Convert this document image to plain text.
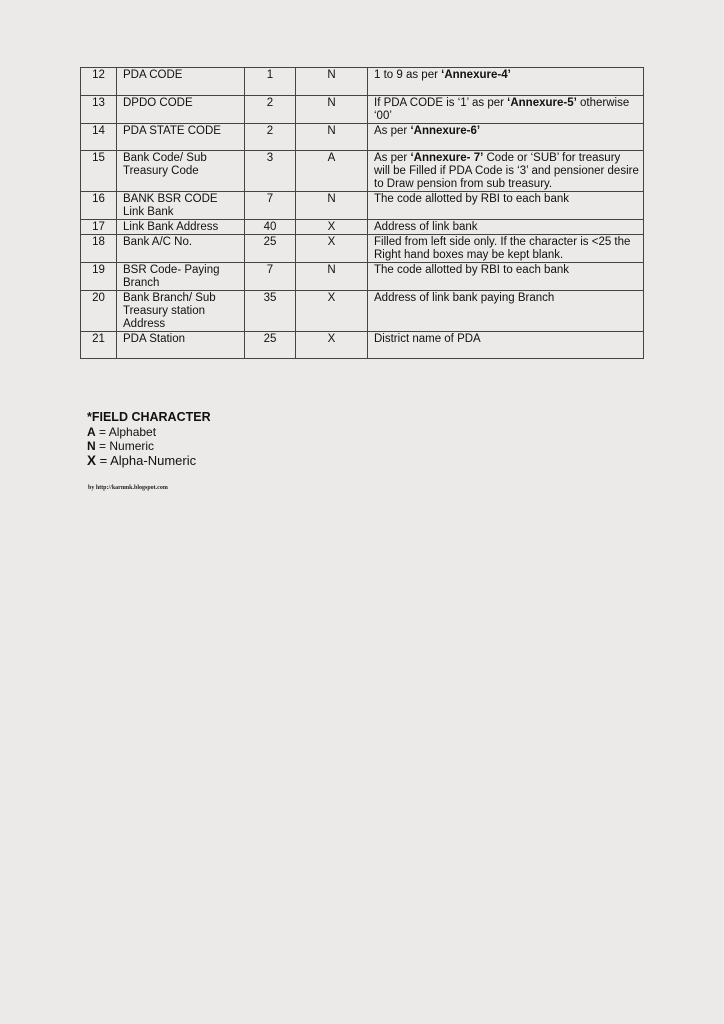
12	PDA CODE	1	N	1 to 9 as per ‘Annexure-4’
13	DPDO CODE	2	N	If PDA CODE is ‘1’ as per ‘Annexure-5’ otherwise ‘00’
14	PDA STATE CODE	2	N	As per ‘Annexure-6’
15	Bank Code/ Sub Treasury Code	3	A	As per ‘Annexure- 7’ Code or ‘SUB’ for treasury will be Filled if PDA Code is ‘3’ and pensioner desire to Draw pension from sub treasury.
16	BANK BSR CODE Link Bank	7	N	The code allotted by RBI to each bank
17	Link Bank Address	40	X	Address of link bank
18	Bank A/C No.	25	X	Filled from left side only. If the character is <25 the Right hand boxes may be kept blank.
19	BSR Code- Paying Branch	7	N	The code allotted by RBI to each bank
20	Bank Branch/ Sub Treasury station Address	35	X	Address of link bank paying Branch
21	PDA Station	25	X	District name of PDA
*FIELD CHARACTER
A = Alphabet
N = Numeric
X = Alpha-Numeric
by http://karnmk.blogspot.com
